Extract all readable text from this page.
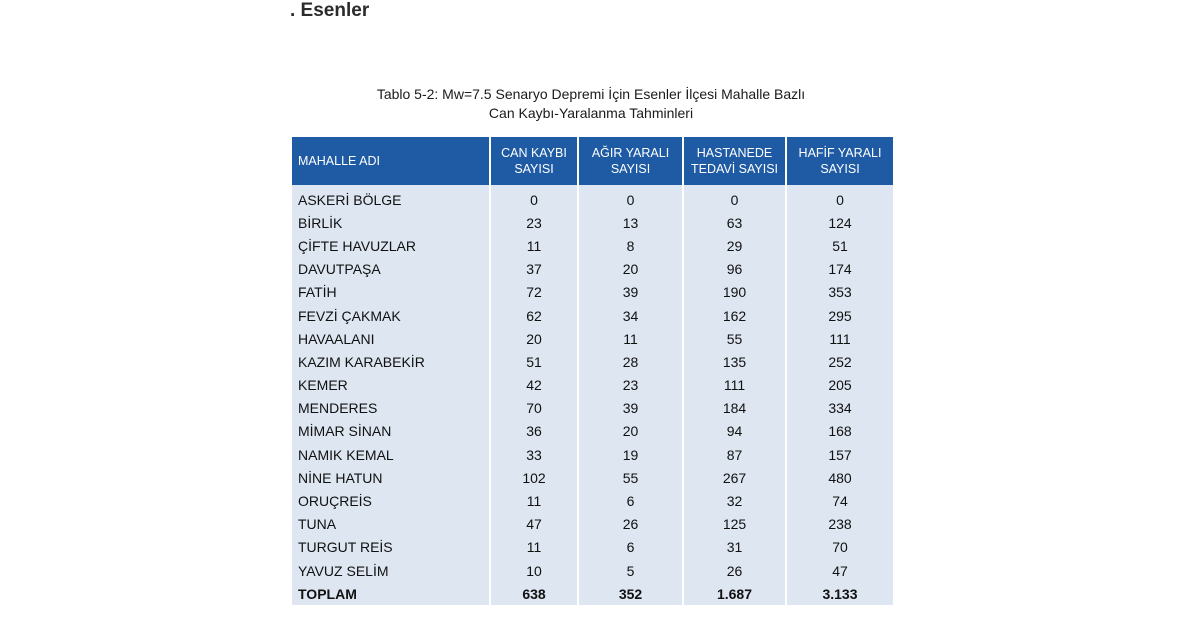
. Esenler
Tablo 5-2: Mw=7.5 Senaryo Depremi İçin Esenler İlçesi Mahalle Bazlı
Can Kaybı-Yaralanma Tahminleri
MAHALLE ADI	CAN KAYBI SAYISI	AĞIR YARALI SAYISI	HASTANEDE TEDAVİ SAYISI	HAFİF YARALI SAYISI
ASKERİ BÖLGE	0	0	0	0
BİRLİK	23	13	63	124
ÇİFTE HAVUZLAR	11	8	29	51
DAVUTPAŞA	37	20	96	174
FATİH	72	39	190	353
FEVZİ ÇAKMAK	62	34	162	295
HAVAALANI	20	11	55	111
KAZIM KARABEKİR	51	28	135	252
KEMER	42	23	111	205
MENDERES	70	39	184	334
MİMAR SİNAN	36	20	94	168
NAMIK KEMAL	33	19	87	157
NİNE HATUN	102	55	267	480
ORUÇREİS	11	6	32	74
TUNA	47	26	125	238
TURGUT REİS	11	6	31	70
YAVUZ SELİM	10	5	26	47
TOPLAM	638	352	1.687	3.133
